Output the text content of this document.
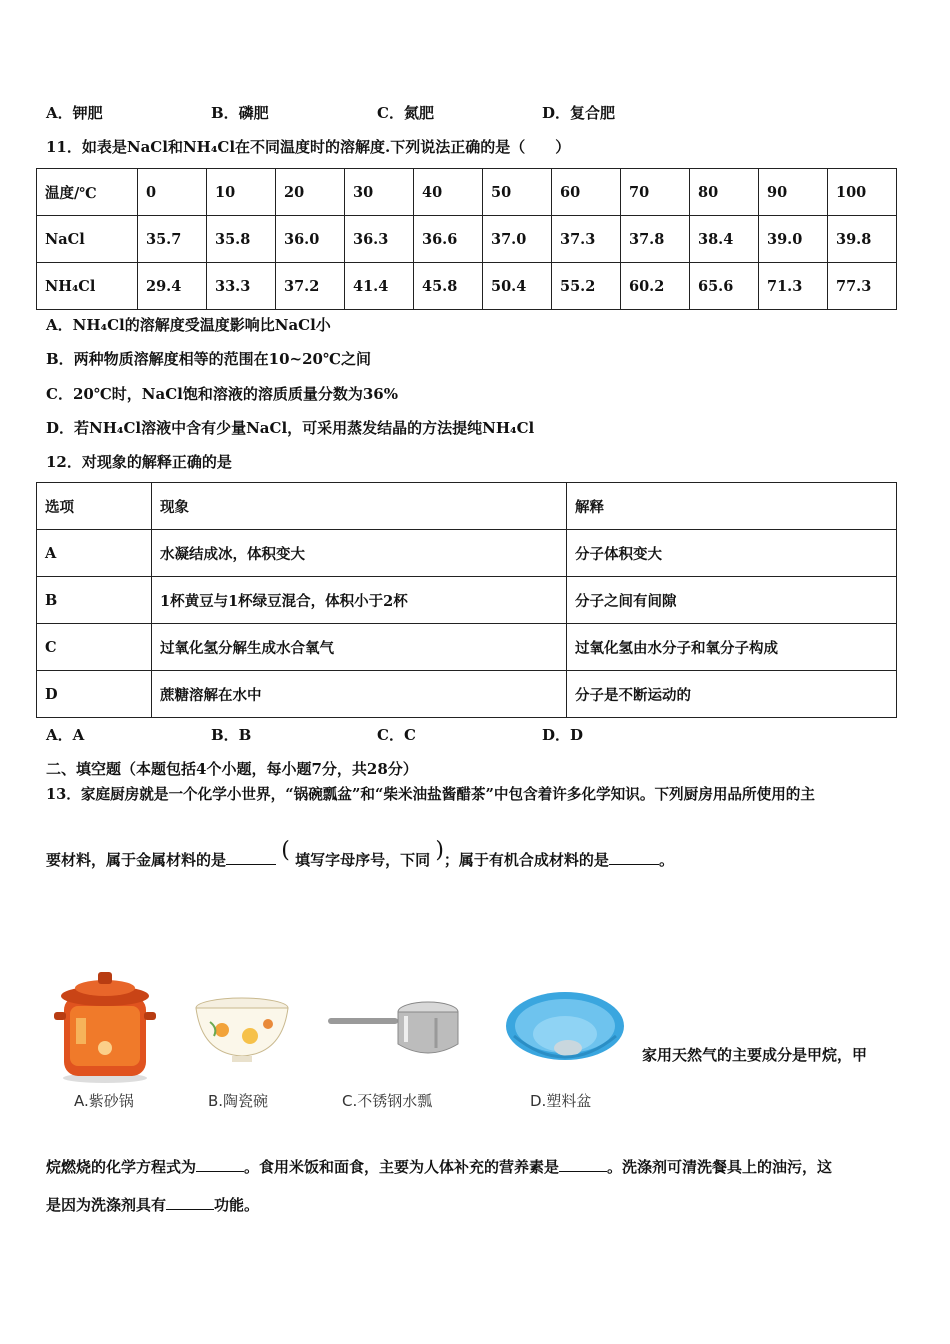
A．钾肥	B．磷肥	C．氮肥	D．复合肥
11．如表是NaCl和NH₄Cl在不同温度时的溶解度.下列说法正确的是（　　）
温度/℃	0	10	20	30	40	50	60	70	80	90	100
NaCl	35.7	35.8	36.0	36.3	36.6	37.0	37.3	37.8	38.4	39.0	39.8
NH₄Cl	29.4	33.3	37.2	41.4	45.8	50.4	55.2	60.2	65.6	71.3	77.3
A．NH₄Cl的溶解度受温度影响比NaCl小
B．两种物质溶解度相等的范围在10~20℃之间
C．20℃时，NaCl饱和溶液的溶质质量分数为36%
D．若NH₄Cl溶液中含有少量NaCl，可采用蒸发结晶的方法提纯NH₄Cl
12．对现象的解释正确的是
选项	现象	解释
A	水凝结成冰，体积变大	分子体积变大
B	1杯黄豆与1杯绿豆混合，体积小于2杯	分子之间有间隙
C	过氧化氢分解生成水合氧气	过氧化氢由水分子和氧分子构成
D	蔗糖溶解在水中	分子是不断运动的
A．A	B．B	C．C	D．D
二、填空题（本题包括4个小题，每小题7分，共28分）
13．家庭厨房就是一个化学小世界，“锅碗瓢盆”和“柴米油盐酱醋茶”中包含着许多化学知识。下列厨房用品所使用的主
要材料，属于金属材料的是	( 填写字母序号，下同 )；属于有机合成材料的是	。
A.紫砂锅	B.陶瓷碗	C.不锈钢水瓢	D.塑料盆
家用天然气的主要成分是甲烷，甲
烷燃烧的化学方程式为	。食用米饭和面食，主要为人体补充的营养素是	。洗涤剂可清洗餐具上的油污，这
是因为洗涤剂具有	功能。
